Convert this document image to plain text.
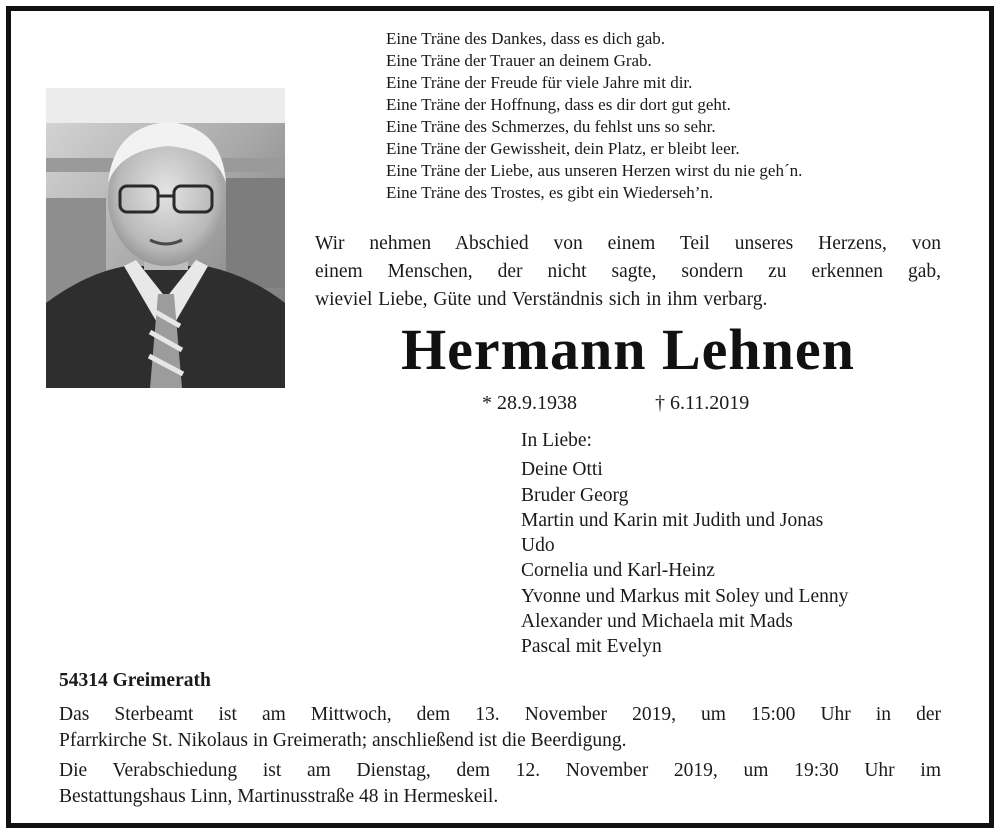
Eine Träne des Dankes, dass es dich gab.
Eine Träne der Trauer an deinem Grab.
Eine Träne der Freude für viele Jahre mit dir.
Eine Träne der Hoffnung, dass es dir dort gut geht.
Eine Träne des Schmerzes, du fehlst uns so sehr.
Eine Träne der Gewissheit, dein Platz, er bleibt leer.
Eine Träne der Liebe, aus unseren Herzen wirst du nie geh´n.
Eine Träne des Trostes, es gibt ein Wiederseh’n.
Wir nehmen Abschied von einem Teil unseres Herzens, von
einem Menschen, der nicht sagte, sondern zu erkennen gab,
wieviel Liebe, Güte und Verständnis sich in ihm verbarg.
Hermann Lehnen
* 28.9.1938	† 6.11.2019
In Liebe:
Deine Otti
Bruder Georg
Martin und Karin mit Judith und Jonas
Udo
Cornelia und Karl-Heinz
Yvonne und Markus mit Soley und Lenny
Alexander und Michaela mit Mads
Pascal mit Evelyn
54314 Greimerath
Das Sterbeamt ist am Mittwoch, dem 13. November 2019, um 15:00 Uhr in der
Pfarrkirche St. Nikolaus in Greimerath; anschließend ist die Beerdigung.
Die Verabschiedung ist am Dienstag, dem 12. November 2019, um 19:30 Uhr im
Bestattungshaus Linn, Martinusstraße 48 in Hermeskeil.
